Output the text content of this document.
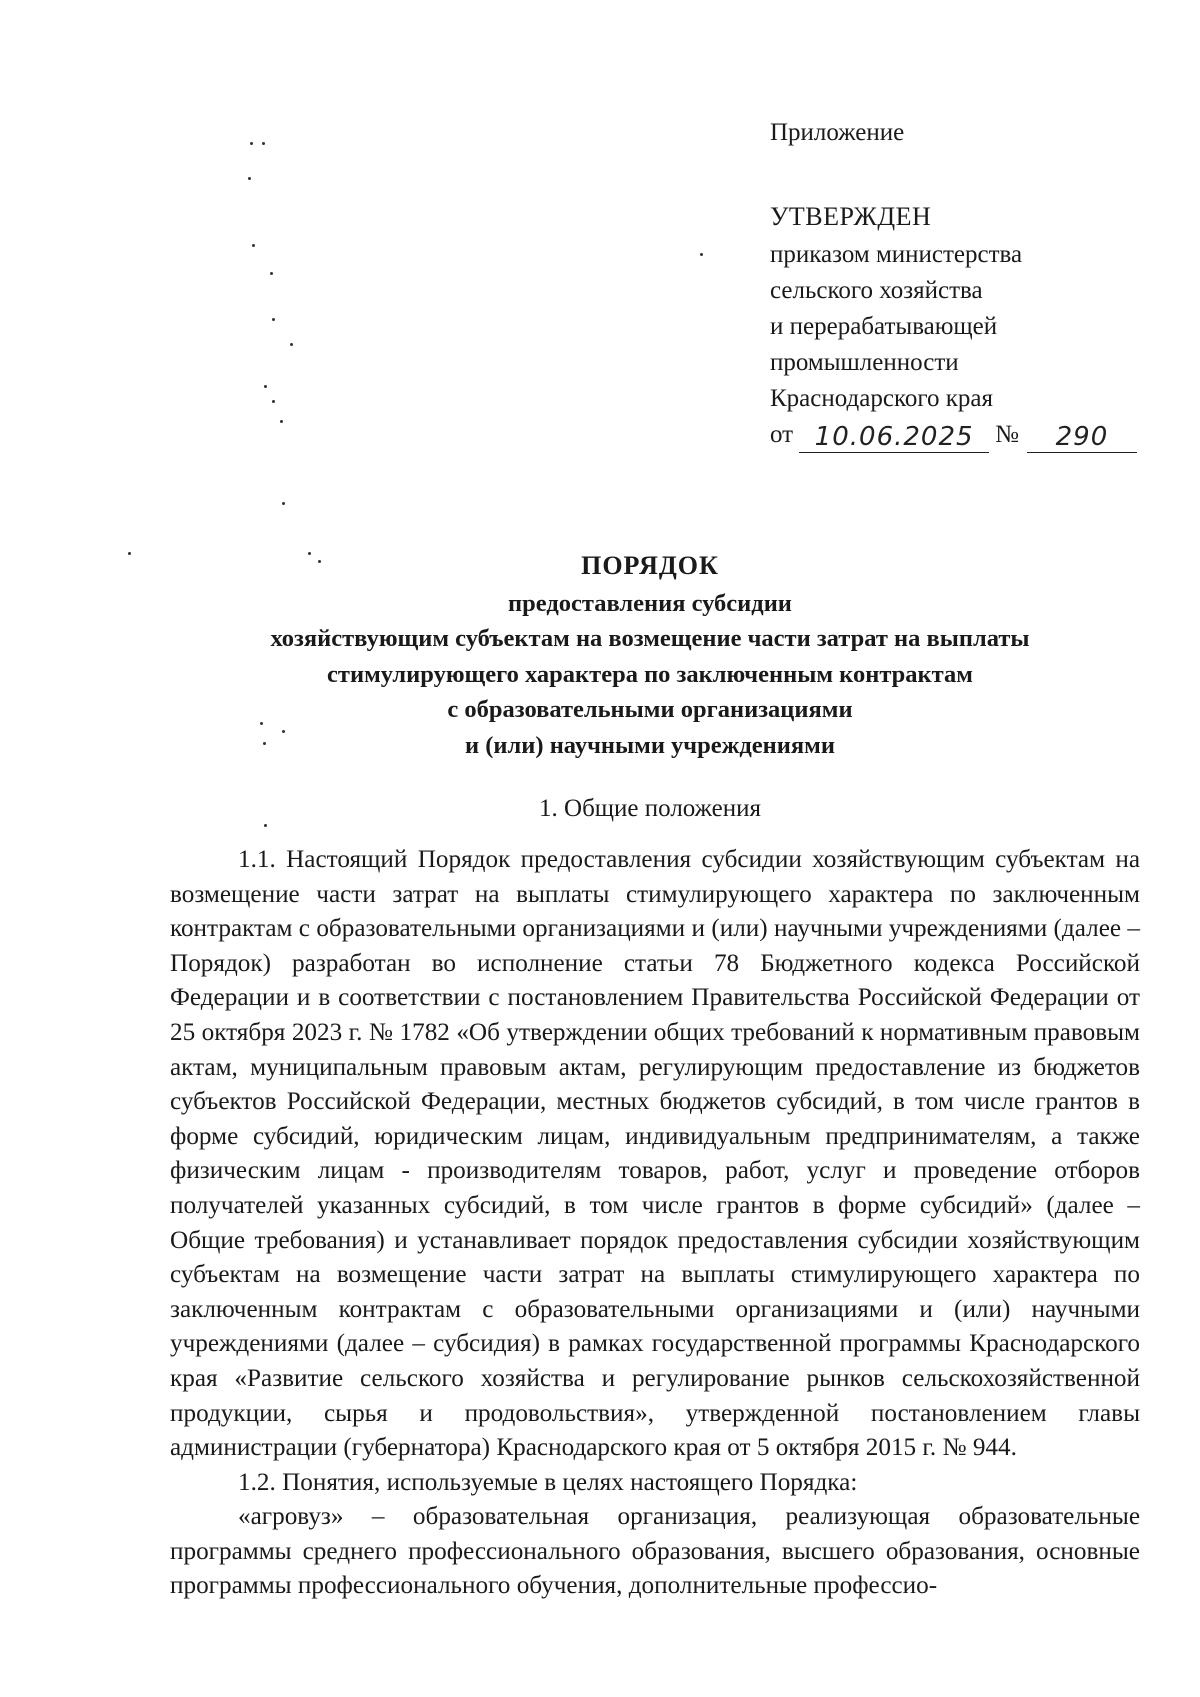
Приложение
УТВЕРЖДЕН
приказом министерства
сельского хозяйства
и перерабатывающей
промышленности
Краснодарского края
от 10.06.2025 №	290
ПОРЯДОК
предоставления субсидии
хозяйствующим субъектам на возмещение части затрат на выплаты
стимулирующего характера по заключенным контрактам
с образовательными организациями
и (или) научными учреждениями
1. Общие положения

1.1. Настоящий Порядок предоставления субсидии хозяйствующим субъектам на возмещение части затрат на выплаты стимулирующего характера по заключенным контрактам с образовательными организациями и (или) научными учреждениями (далее – Порядок) разработан во исполнение статьи 78 Бюджетного кодекса Российской Федерации и в соответствии с постановлением Правительства Российской Федерации от 25 октября 2023 г. № 1782 «Об утверждении общих требований к нормативным правовым актам, муниципальным правовым актам, регулирующим предоставление из бюджетов субъектов Российской Федерации, местных бюджетов субсидий, в том числе грантов в форме субсидий, юридическим лицам, индивидуальным предпринимателям, а также физическим лицам - производителям товаров, работ, услуг и проведение отборов получателей указанных субсидий, в том числе грантов в форме субсидий» (далее – Общие требования) и устанавливает порядок предоставления субсидии хозяйствующим субъектам на возмещение части затрат на выплаты стимулирующего характера по заключенным контрактам с образовательными организациями и (или) научными учреждениями (далее – субсидия) в рамках государственной программы Краснодарского края «Развитие сельского хозяйства и регулирование рынков сельскохозяйственной продукции, сырья и продовольствия», утвержденной постановлением главы администрации (губернатора) Краснодарского края от 5 октября 2015 г. № 944.

1.2. Понятия, используемые в целях настоящего Порядка:

«агровуз» – образовательная организация, реализующая образовательные программы среднего профессионального образования, высшего образования, основные программы профессионального обучения, дополнительные профессио-
